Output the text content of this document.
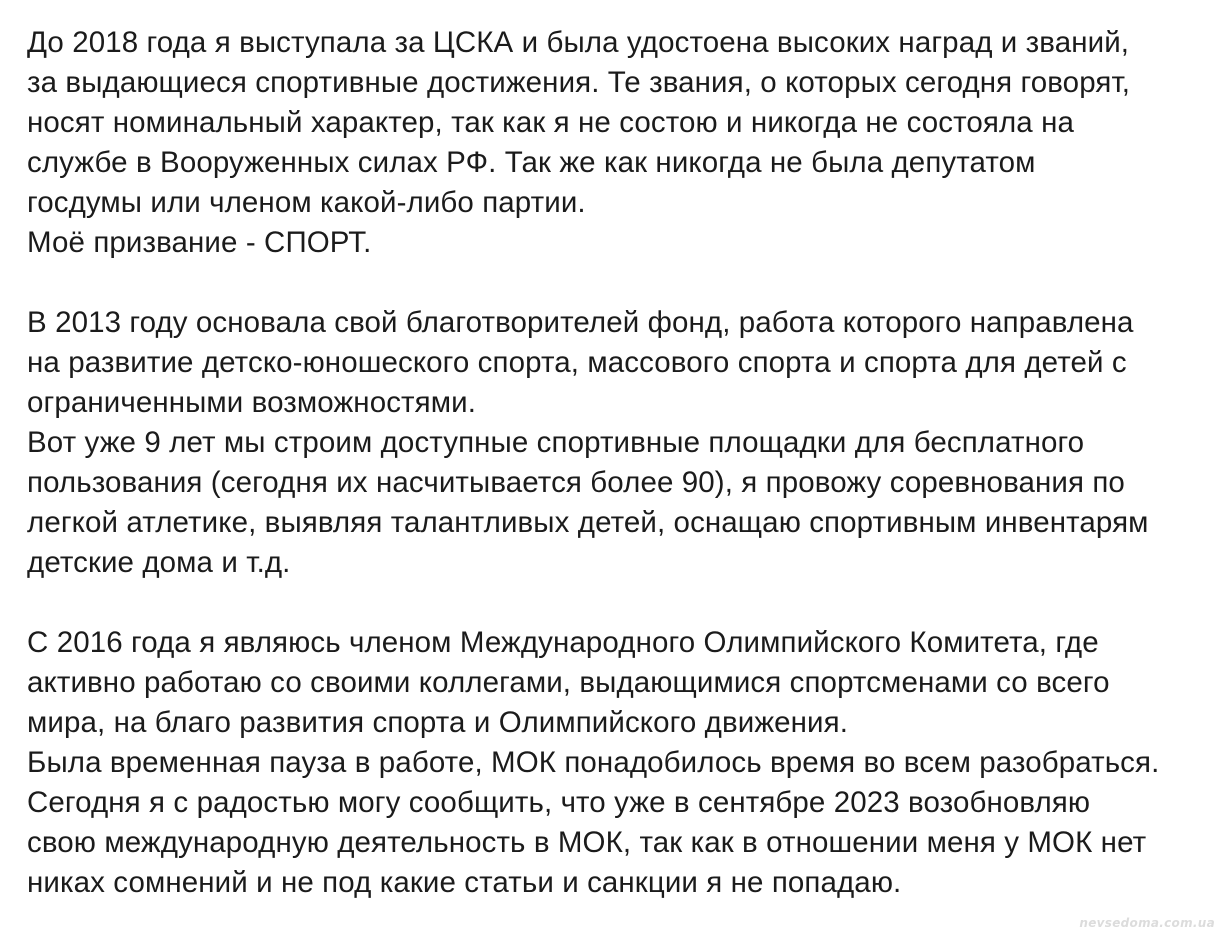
До 2018 года я выступала за ЦСКА и была удостоена высоких наград и званий,
за выдающиеся спортивные достижения. Те звания, о которых сегодня говорят,
носят номинальный характер, так как я не состою и никогда не состояла на
службе в Вооруженных силах РФ. Так же как никогда не была депутатом
госдумы или членом какой-либо партии.
Моё призвание - СПОРТ.
В 2013 году основала свой благотворителей фонд, работа которого направлена
на развитие детско-юношеского спорта, массового спорта и спорта для детей с
ограниченными возможностями.
Вот уже 9 лет мы строим доступные спортивные площадки для бесплатного
пользования (сегодня их насчитывается более 90), я провожу соревнования по
легкой атлетике, выявляя талантливых детей, оснащаю спортивным инвентарям
детские дома и т.д.
С 2016 года я являюсь членом Международного Олимпийского Комитета, где
активно работаю со своими коллегами, выдающимися спортсменами со всего
мира, на благо развития спорта и Олимпийского движения.
Была временная пауза в работе, МОК понадобилось время во всем разобраться.
Сегодня я с радостью могу сообщить, что уже в сентябре 2023 возобновляю
свою международную деятельность в МОК, так как в отношении меня у МОК нет
никах сомнений и не под какие статьи и санкции я не попадаю.
nevsedoma.com.ua
